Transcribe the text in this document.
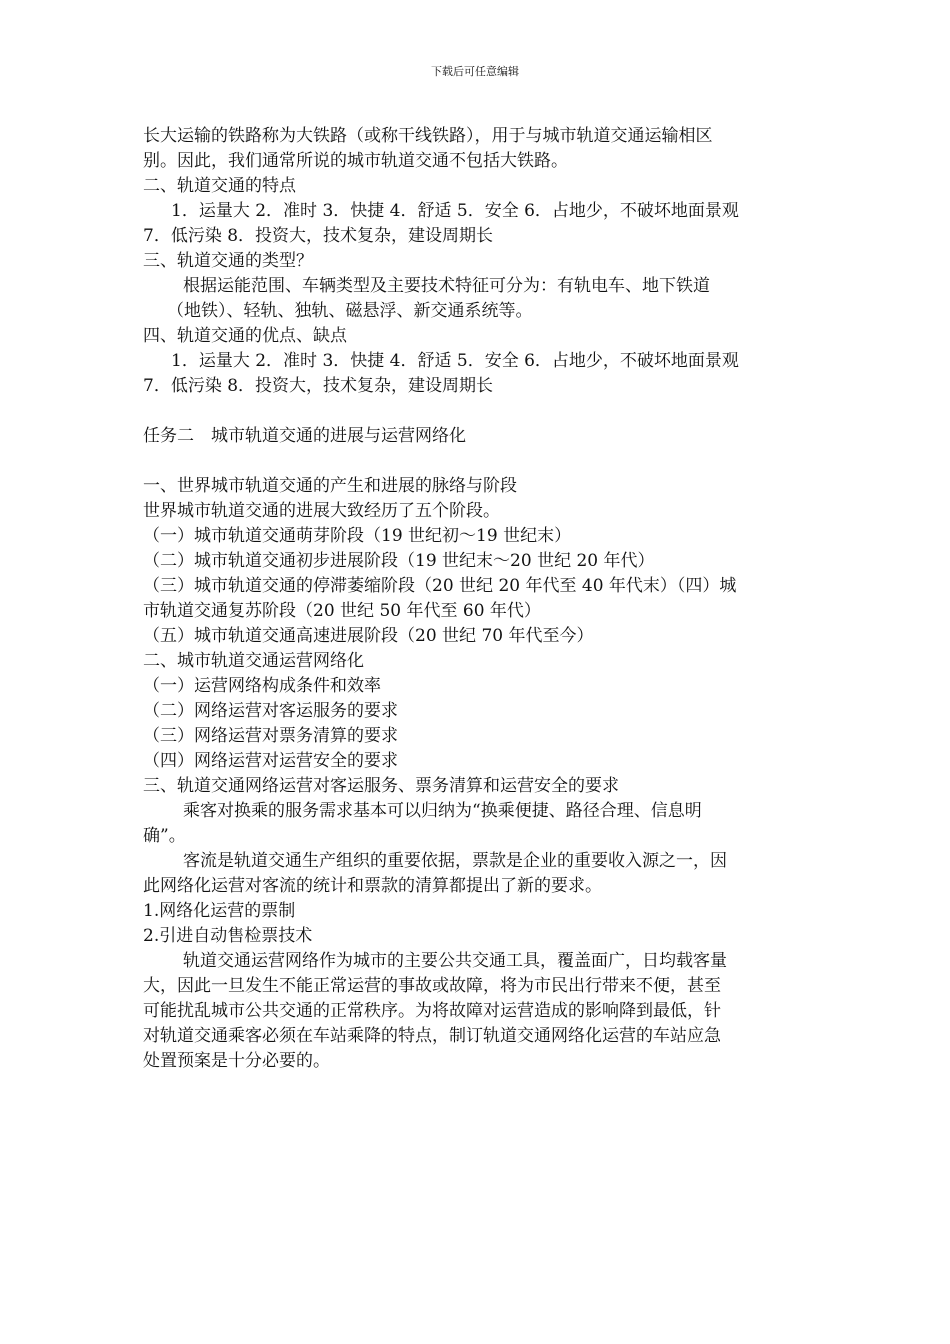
下载后可任意编辑
长大运输的铁路称为大铁路（或称干线铁路），用于与城市轨道交通运输相区
别。因此，我们通常所说的城市轨道交通不包括大铁路。
二、轨道交通的特点
1．运量大 2．准时 3．快捷 4．舒适 5．安全 6．占地少，不破坏地面景观
7．低污染 8．投资大，技术复杂，建设周期长
三、轨道交通的类型？
根据运能范围、车辆类型及主要技术特征可分为：有轨电车、地下铁道
（地铁）、轻轨、独轨、磁悬浮、新交通系统等。
四、轨道交通的优点、缺点
1．运量大 2．准时 3．快捷 4．舒适 5．安全 6．占地少，不破坏地面景观
7．低污染 8．投资大，技术复杂，建设周期长
任务二　城市轨道交通的进展与运营网络化
一、世界城市轨道交通的产生和进展的脉络与阶段
世界城市轨道交通的进展大致经历了五个阶段。
（一）城市轨道交通萌芽阶段（19 世纪初～19 世纪末）
（二）城市轨道交通初步进展阶段（19 世纪末～20 世纪 20 年代）
（三）城市轨道交通的停滞萎缩阶段（20 世纪 20 年代至 40 年代末）（四）城
市轨道交通复苏阶段（20 世纪 50 年代至 60 年代）
（五）城市轨道交通高速进展阶段（20 世纪 70 年代至今）
二、城市轨道交通运营网络化
（一）运营网络构成条件和效率
（二）网络运营对客运服务的要求
（三）网络运营对票务清算的要求
（四）网络运营对运营安全的要求
三、轨道交通网络运营对客运服务、票务清算和运营安全的要求
乘客对换乘的服务需求基本可以归纳为“换乘便捷、路径合理、信息明
确”。
客流是轨道交通生产组织的重要依据，票款是企业的重要收入源之一，因
此网络化运营对客流的统计和票款的清算都提出了新的要求。
1.网络化运营的票制
2.引进自动售检票技术
轨道交通运营网络作为城市的主要公共交通工具，覆盖面广，日均载客量
大，因此一旦发生不能正常运营的事故或故障，将为市民出行带来不便，甚至
可能扰乱城市公共交通的正常秩序。为将故障对运营造成的影响降到最低，针
对轨道交通乘客必须在车站乘降的特点，制订轨道交通网络化运营的车站应急
处置预案是十分必要的。
